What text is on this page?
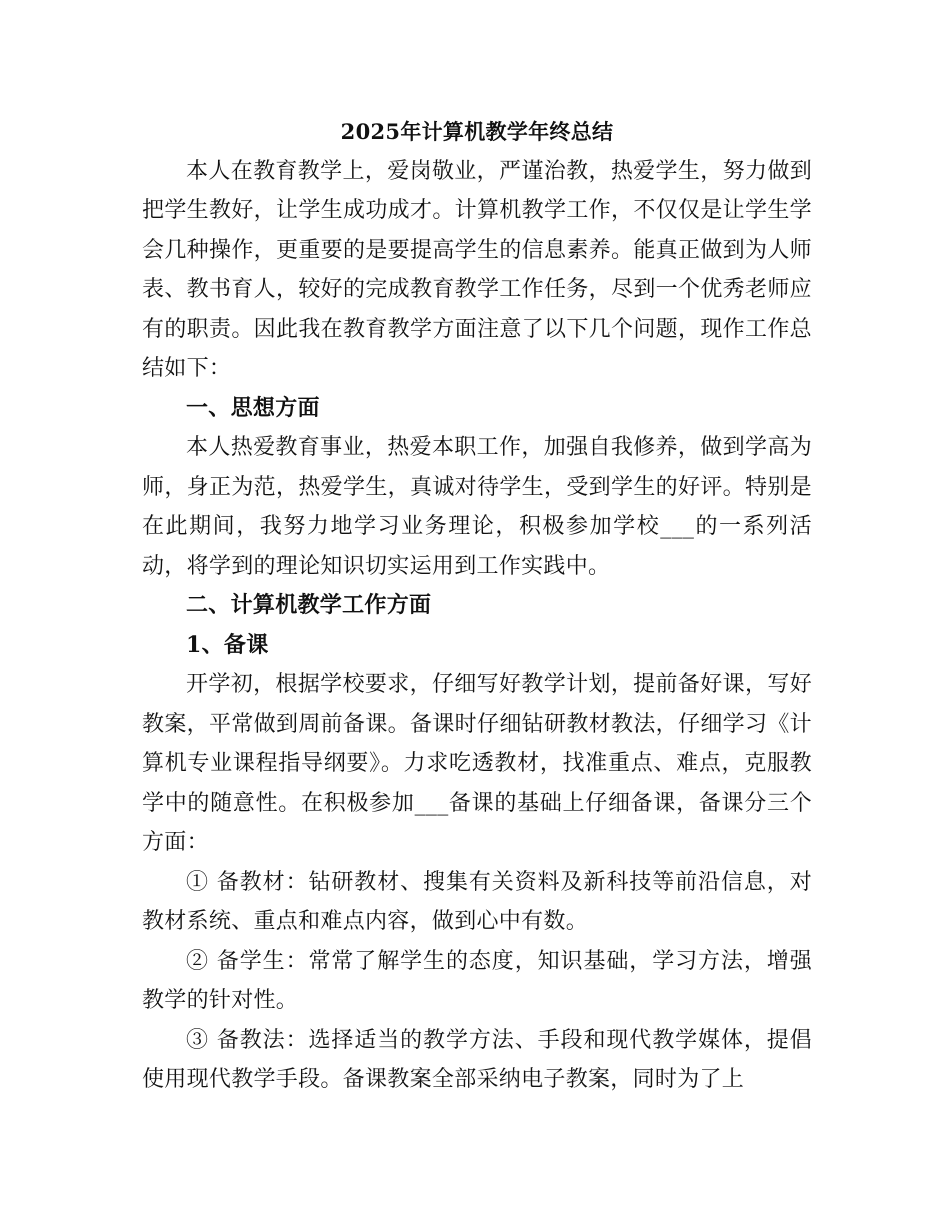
2025年计算机教学年终总结

本人在教育教学上，爱岗敬业，严谨治教，热爱学生，努力做到把学生教好，让学生成功成才。计算机教学工作，不仅仅是让学生学会几种操作，更重要的是要提高学生的信息素养。能真正做到为人师表、教书育人，较好的完成教育教学工作任务，尽到一个优秀老师应有的职责。因此我在教育教学方面注意了以下几个问题，现作工作总结如下：

一、思想方面

本人热爱教育事业，热爱本职工作，加强自我修养，做到学高为师，身正为范，热爱学生，真诚对待学生，受到学生的好评。特别是在此期间，我努力地学习业务理论，积极参加学校___的一系列活动，将学到的理论知识切实运用到工作实践中。

二、计算机教学工作方面

1、备课

开学初，根据学校要求，仔细写好教学计划，提前备好课，写好教案，平常做到周前备课。备课时仔细钻研教材教法，仔细学习《计算机专业课程指导纲要》。力求吃透教材，找准重点、难点，克服教学中的随意性。在积极参加___备课的基础上仔细备课，备课分三个方面：

① 备教材：钻研教材、搜集有关资料及新科技等前沿信息，对教材系统、重点和难点内容，做到心中有数。

② 备学生：常常了解学生的态度，知识基础，学习方法，增强教学的针对性。

③ 备教法：选择适当的教学方法、手段和现代教学媒体，提倡使用现代教学手段。备课教案全部采纳电子教案，同时为了上
